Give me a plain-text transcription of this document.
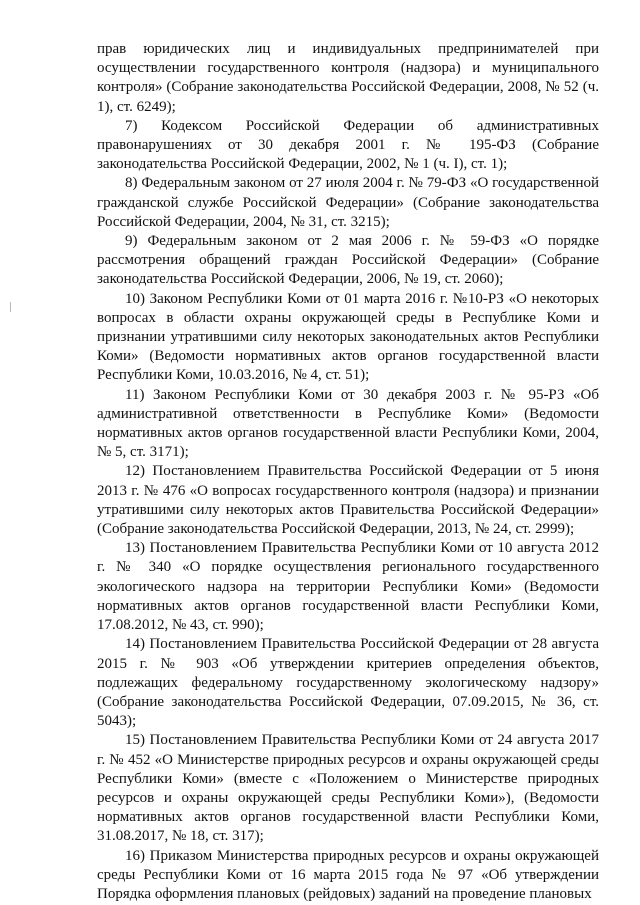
прав юридических лиц и индивидуальных предпринимателей при осуществлении государственного контроля (надзора) и муниципального контроля» (Собрание законодательства Российской Федерации, 2008, № 52 (ч. 1), ст. 6249);

7) Кодексом Российской Федерации об административных правонарушениях от 30 декабря 2001 г. № 195-ФЗ (Собрание законодательства Российской Федерации, 2002, № 1 (ч. I), ст. 1);

8) Федеральным законом от 27 июля 2004 г. № 79-ФЗ «О государственной гражданской службе Российской Федерации» (Собрание законодательства Российской Федерации, 2004, № 31, ст. 3215);

9) Федеральным законом от 2 мая 2006 г. № 59-ФЗ «О порядке рассмотрения обращений граждан Российской Федерации» (Собрание законодательства Российской Федерации, 2006, № 19, ст. 2060);

10) Законом Республики Коми от 01 марта 2016 г. №10-РЗ «О некоторых вопросах в области охраны окружающей среды в Республике Коми и признании утратившими силу некоторых законодательных актов Республики Коми» (Ведомости нормативных актов органов государственной власти Республики Коми, 10.03.2016, № 4, ст. 51);

11) Законом Республики Коми от 30 декабря 2003 г. № 95-РЗ «Об административной ответственности в Республике Коми» (Ведомости нормативных актов органов государственной власти Республики Коми, 2004, № 5, ст. 3171);

12) Постановлением Правительства Российской Федерации от 5 июня 2013 г. № 476 «О вопросах государственного контроля (надзора) и признании утратившими силу некоторых актов Правительства Российской Федерации» (Собрание законодательства Российской Федерации, 2013, № 24, ст. 2999);

13) Постановлением Правительства Республики Коми от 10 августа 2012 г. № 340 «О порядке осуществления регионального государственного экологического надзора на территории Республики Коми» (Ведомости нормативных актов органов государственной власти Республики Коми, 17.08.2012, № 43, ст. 990);

14) Постановлением Правительства Российской Федерации от 28 августа 2015 г. № 903 «Об утверждении критериев определения объектов, подлежащих федеральному государственному экологическому надзору» (Собрание законодательства Российской Федерации, 07.09.2015, № 36, ст. 5043);

15) Постановлением Правительства Республики Коми от 24 августа 2017 г. № 452 «О Министерстве природных ресурсов и охраны окружающей среды Республики Коми» (вместе с «Положением о Министерстве природных ресурсов и охраны окружающей среды Республики Коми»), (Ведомости нормативных актов органов государственной власти Республики Коми, 31.08.2017, № 18, ст. 317);

16) Приказом Министерства природных ресурсов и охраны окружающей среды Республики Коми от 16 марта 2015 года № 97 «Об утверждении Порядка оформления плановых (рейдовых) заданий на проведение плановых
